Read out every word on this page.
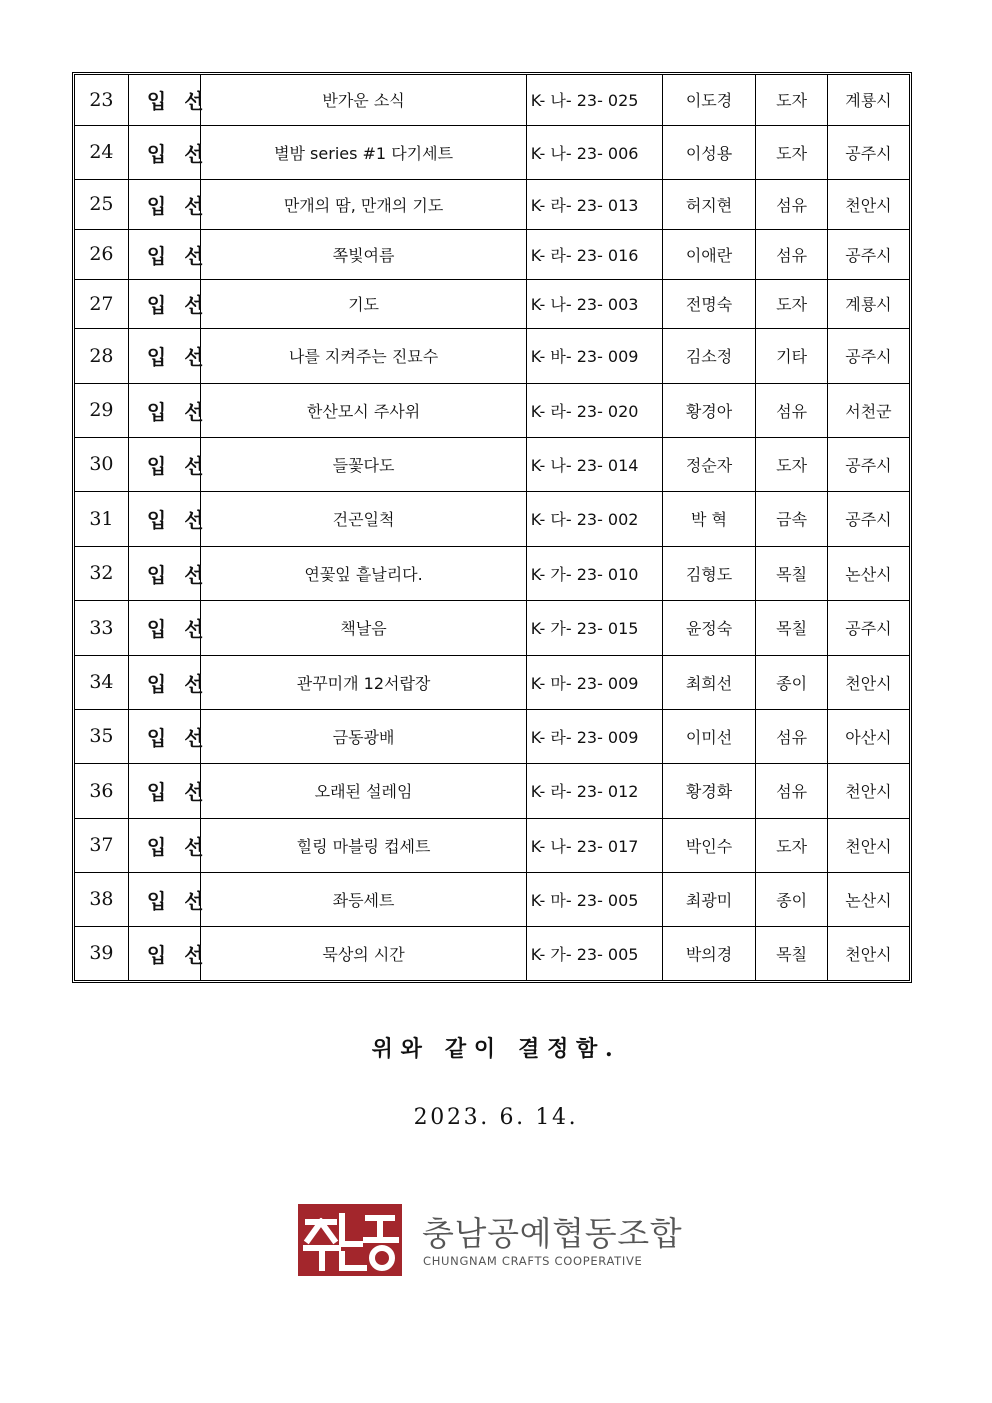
23	입선	반가운 소식	K- 나- 23- 025	이도경	도자	계룡시
24	입선	별밤 series #1 다기세트	K- 나- 23- 006	이성용	도자	공주시
25	입선	만개의 땀, 만개의 기도	K- 라- 23- 013	허지현	섬유	천안시
26	입선	쪽빛여름	K- 라- 23- 016	이애란	섬유	공주시
27	입선	기도	K- 나- 23- 003	전명숙	도자	계룡시
28	입선	나를 지켜주는 진묘수	K- 바- 23- 009	김소정	기타	공주시
29	입선	한산모시 주사위	K- 라- 23- 020	황경아	섬유	서천군
30	입선	들꽃다도	K- 나- 23- 014	정순자	도자	공주시
31	입선	건곤일척	K- 다- 23- 002	박 혁	금속	공주시
32	입선	연꽃잎 흩날리다.	K- 가- 23- 010	김형도	목칠	논산시
33	입선	책날음	K- 가- 23- 015	윤정숙	목칠	공주시
34	입선	관꾸미개 12서랍장	K- 마- 23- 009	최희선	종이	천안시
35	입선	금동광배	K- 라- 23- 009	이미선	섬유	아산시
36	입선	오래된 설레임	K- 라- 23- 012	황경화	섬유	천안시
37	입선	힐링 마블링 컵세트	K- 나- 23- 017	박인수	도자	천안시
38	입선	좌등세트	K- 마- 23- 005	최광미	종이	논산시
39	입선	묵상의 시간	K- 가- 23- 005	박의경	목칠	천안시
위와 같이 결정함.
2023. 6. 14.
충남공예협동조합
CHUNGNAM CRAFTS COOPERATIVE
